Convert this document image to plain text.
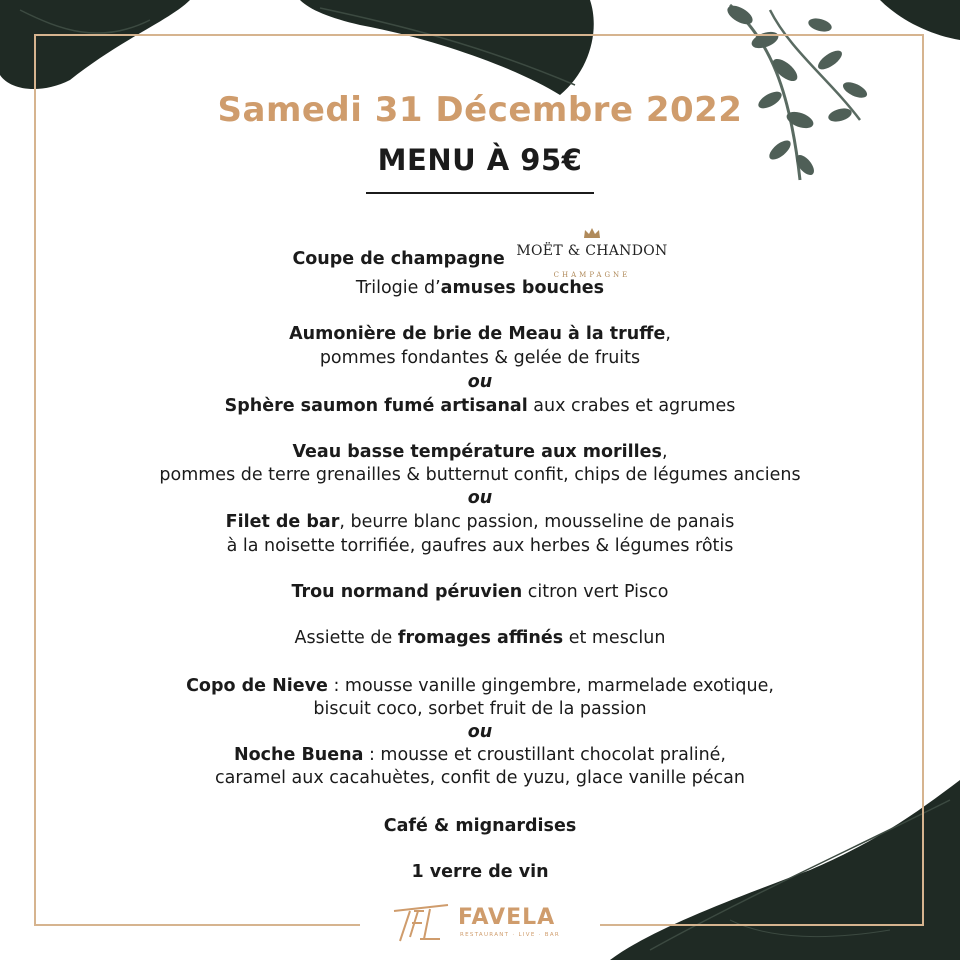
Samedi 31 Décembre 2022
MENU À 95€
Coupe de champagne MOËT & CHANDON
CHAMPAGNE
Trilogie d’amuses bouches
Aumonière de brie de Meau à la truffe,
pommes fondantes & gelée de fruits
ou
Sphère saumon fumé artisanal aux crabes et agrumes
Veau basse température aux morilles,
pommes de terre grenailles & butternut confit, chips de légumes anciens
ou
Filet de bar, beurre blanc passion, mousseline de panais
à la noisette torrifiée, gaufres aux herbes & légumes rôtis
Trou normand péruvien citron vert Pisco
Assiette de fromages affinés et mesclun
Copo de Nieve : mousse vanille gingembre, marmelade exotique,
biscuit coco, sorbet fruit de la passion
ou
Noche Buena : mousse et croustillant chocolat praliné,
caramel aux cacahuètes, confit de yuzu, glace vanille pécan
Café & mignardises
1 verre de vin
FAVELA
RESTAURANT · LIVE · BAR
